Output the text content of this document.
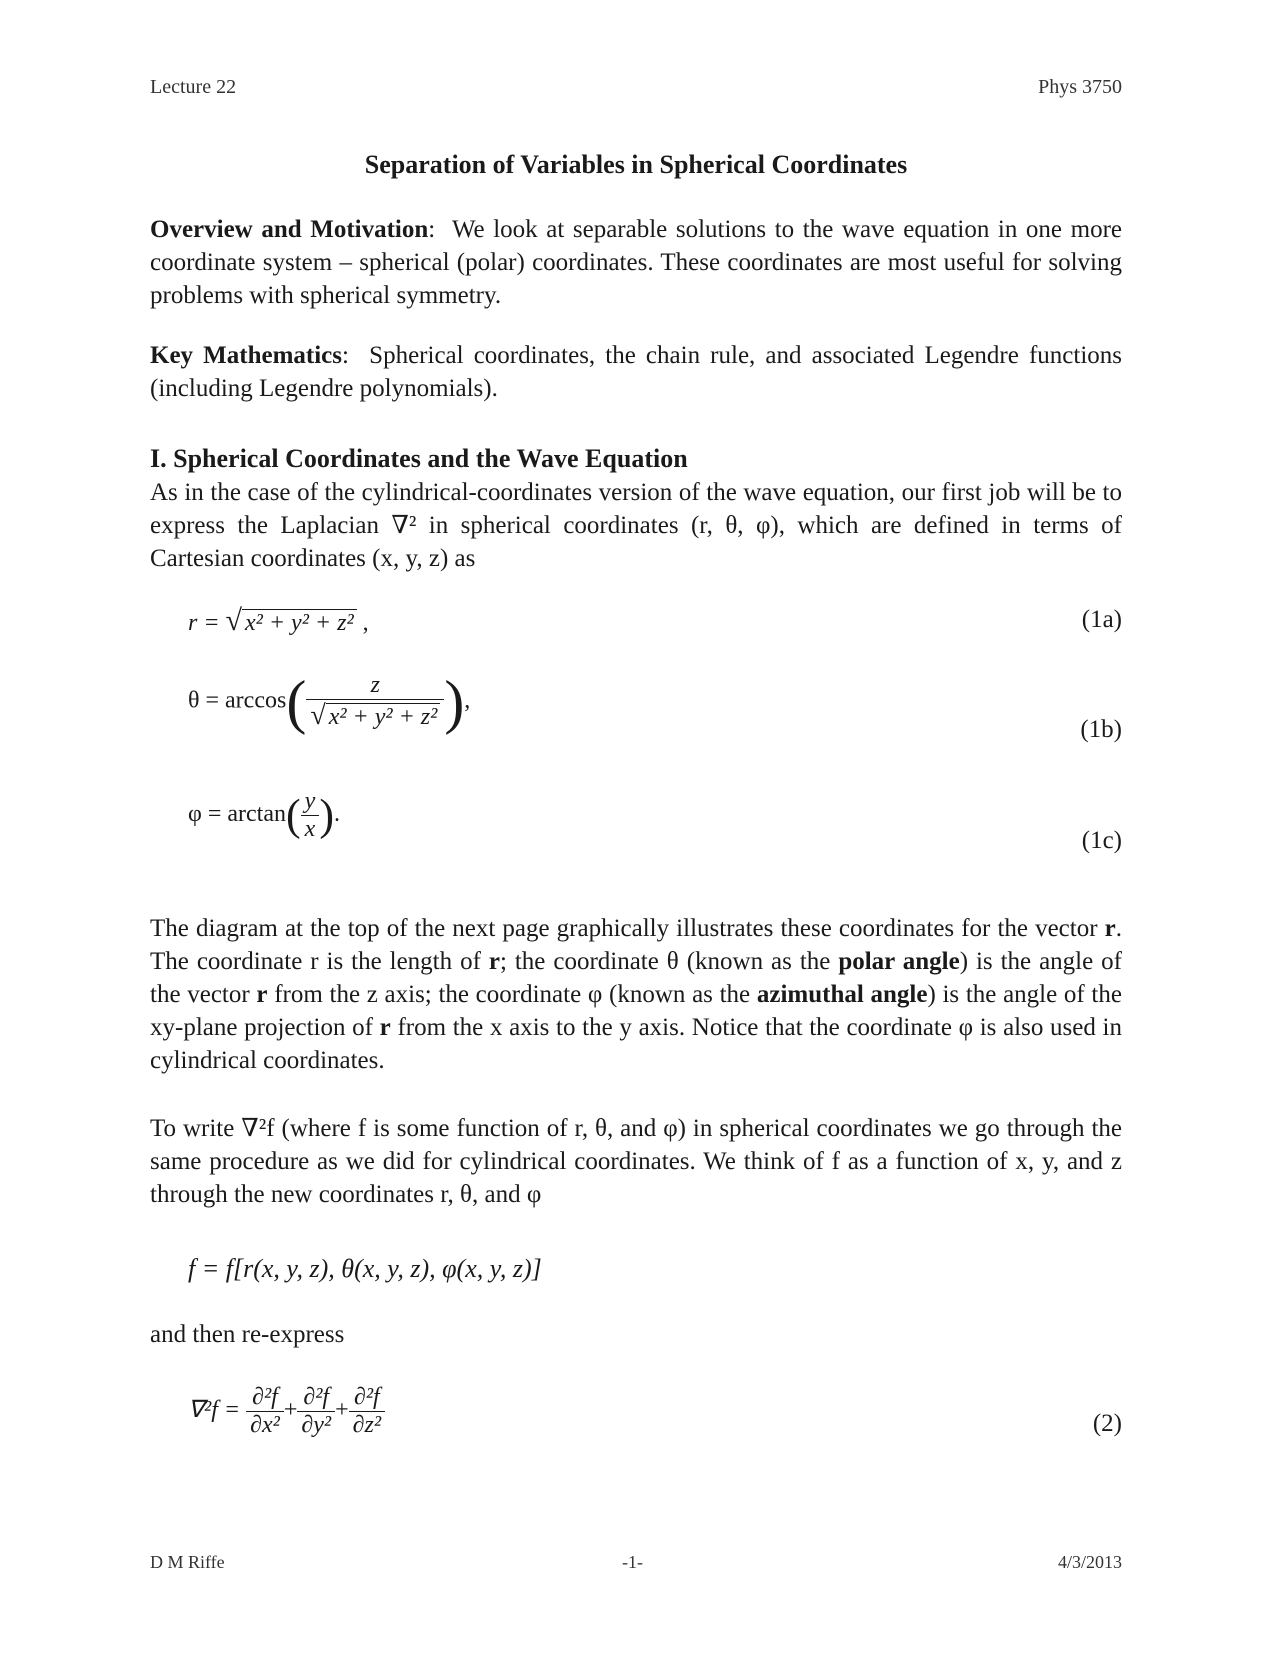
Lecture 22	Phys 3750
Separation of Variables in Spherical Coordinates
Overview and Motivation:  We look at separable solutions to the wave equation in one more coordinate system – spherical (polar) coordinates. These coordinates are most useful for solving problems with spherical symmetry.
Key Mathematics:  Spherical coordinates, the chain rule, and associated Legendre functions (including Legendre polynomials).
I. Spherical Coordinates and the Wave Equation
As in the case of the cylindrical-coordinates version of the wave equation, our first job will be to express the Laplacian ∇² in spherical coordinates (r, θ, φ), which are defined in terms of Cartesian coordinates (x, y, z) as
r = √ x² + y² + z² ,	(1a)
$\theta = \arccos( \frac{z}{\text{√ x² + y² + z²}}$ ),
(1b)
$\varphi = \arctan( \frac{y}{x}$ ).
(1c)
The diagram at the top of the next page graphically illustrates these coordinates for the vector r. The coordinate r is the length of r; the coordinate θ (known as the polar angle) is the angle of the vector r from the z axis; the coordinate φ (known as the azimuthal angle) is the angle of the xy-plane projection of r from the x axis to the y axis. Notice that the coordinate φ is also used in cylindrical coordinates.
To write ∇²f (where f is some function of r, θ, and φ) in spherical coordinates we go through the same procedure as we did for cylindrical coordinates. We think of f as a function of x, y, and z through the new coordinates r, θ, and φ
f = f[r(x, y, z), θ(x, y, z), φ(x, y, z)]
and then re-express
$\nabla^2f = \frac{\text{∂²f}}{\text{∂x²}} + \frac{\text{∂²f}}{\text{∂y²}} + \frac{\text{∂²f}}{\text{∂z²}}$	(2)
D M Riffe	-1-	4/3/2013
